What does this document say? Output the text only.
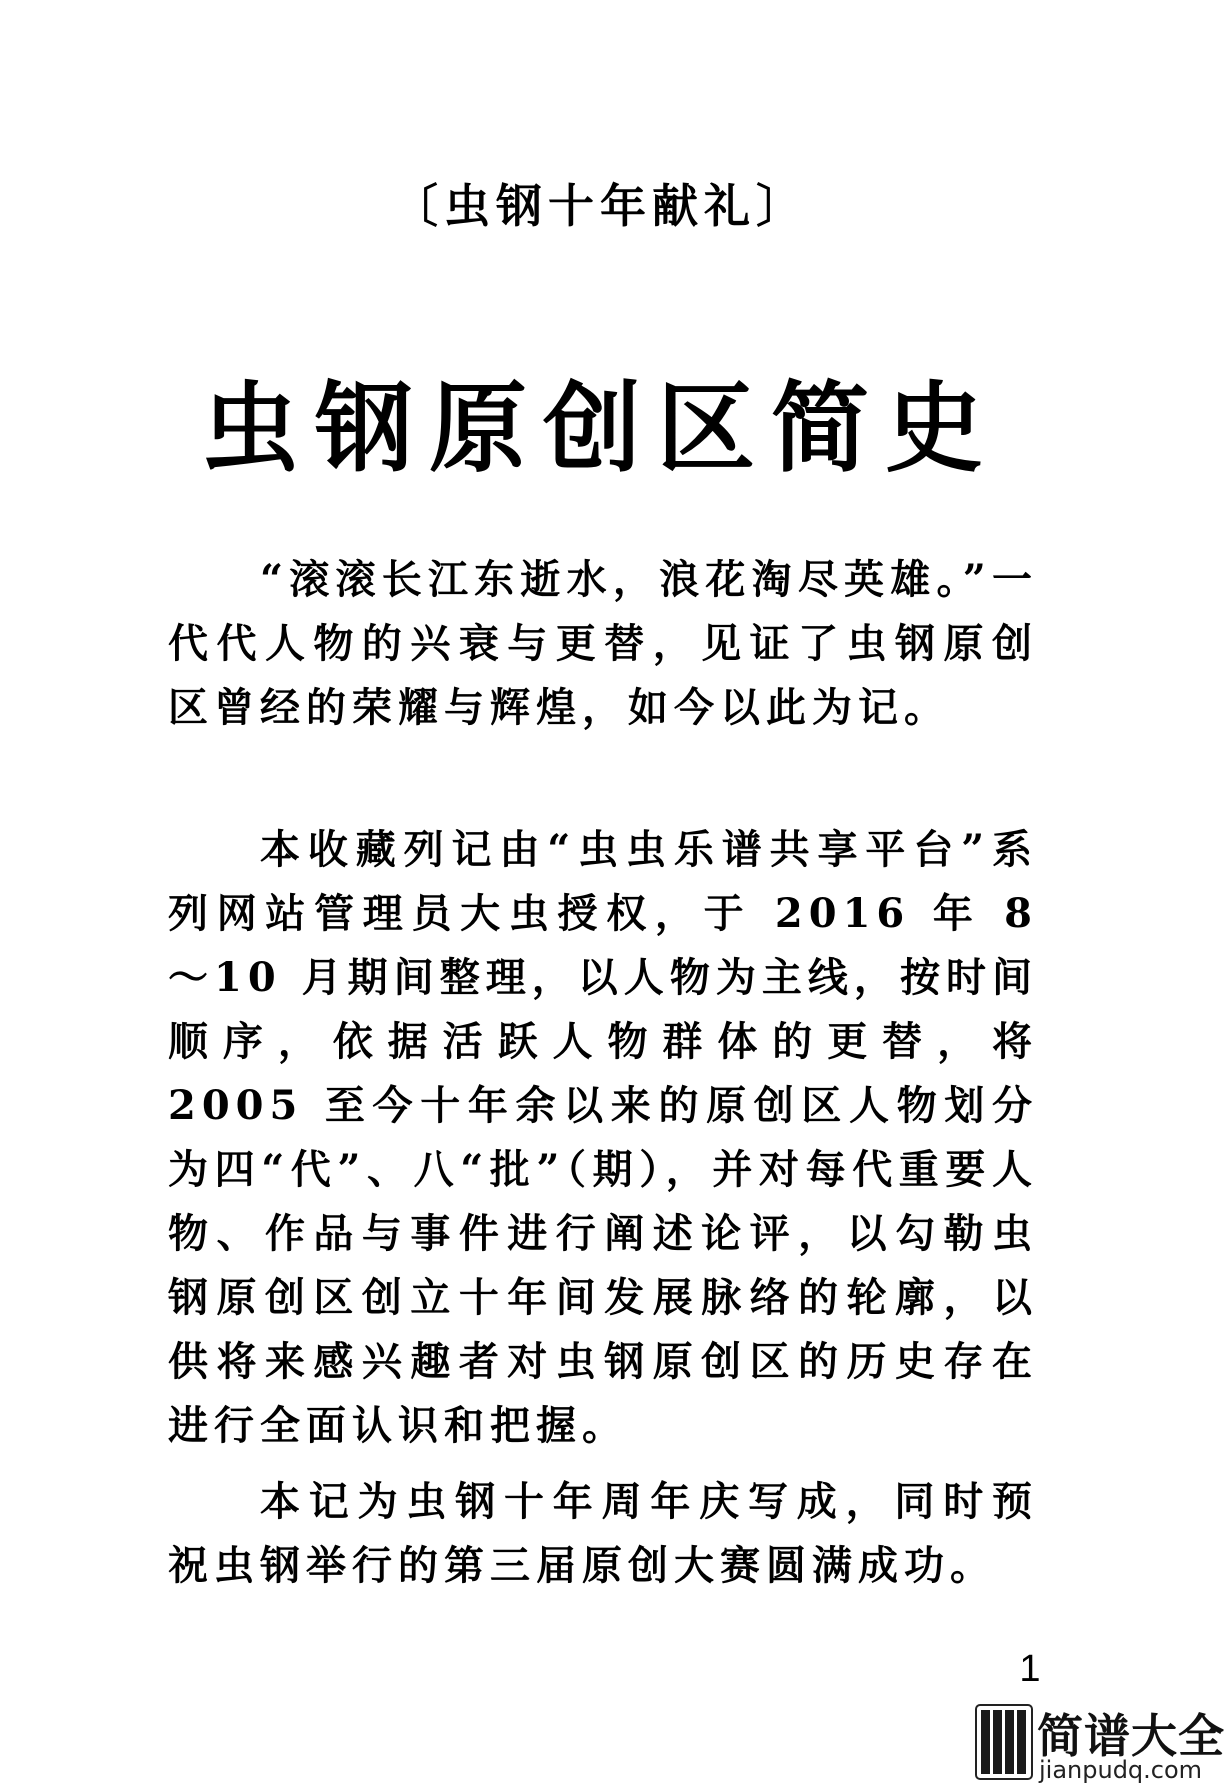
〔虫钢十年献礼〕
虫钢原创区简史

“滚滚长江东逝水，浪花淘尽英雄。”一代代人物的兴衰与更替，见证了虫钢原创区曾经的荣耀与辉煌，如今以此为记。

本收藏列记由“虫虫乐谱共享平台”系列网站管理员大虫授权，于 2016 年 8～10 月期间整理，以人物为主线，按时间顺序，依据活跃人物群体的更替，将 2005 至今十年余以来的原创区人物划分为四“代”、八“批”（期），并对每代重要人物、作品与事件进行阐述论评，以勾勒虫钢原创区创立十年间发展脉络的轮廓，以供将来感兴趣者对虫钢原创区的历史存在进行全面认识和把握。

本记为虫钢十年周年庆写成，同时预祝虫钢举行的第三届原创大赛圆满成功。

1
简谱大全
jianpudq.com
